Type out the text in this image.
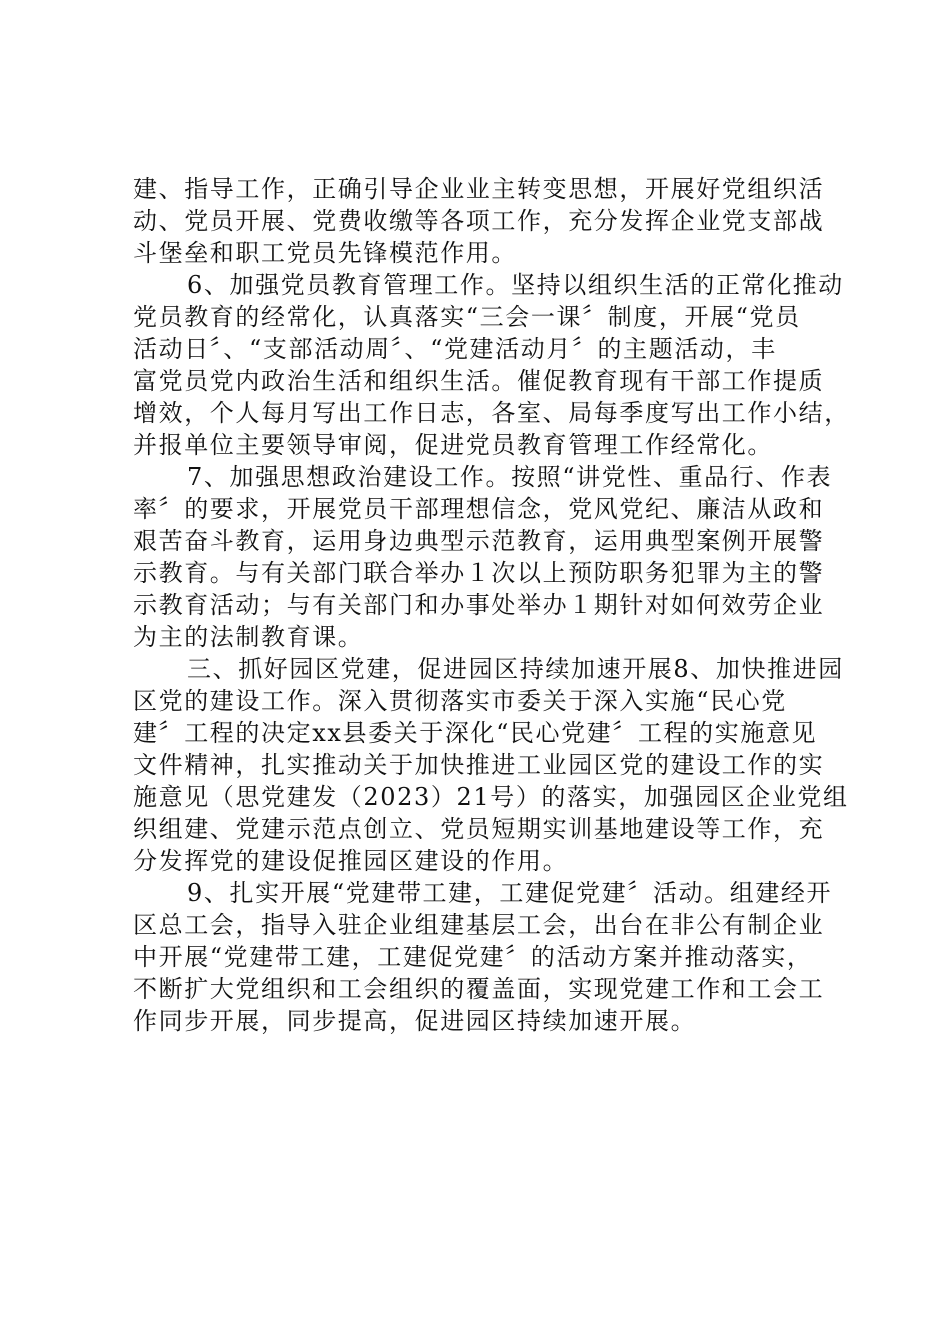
建、指导工作，正确引导企业业主转变思想，开展好党组织活
动、党员开展、党费收缴等各项工作，充分发挥企业党支部战
斗堡垒和职工党员先锋模范作用。

6、加强党员教育管理工作。坚持以组织生活的正常化推动
党员教育的经常化，认真落实“三会一课〞制度，开展“党员
活动日〞、“支部活动周〞、“党建活动月〞的主题活动，丰
富党员党内政治生活和组织生活。催促教育现有干部工作提质
增效，个人每月写出工作日志，各室、局每季度写出工作小结，
并报单位主要领导审阅，促进党员教育管理工作经常化。

7、加强思想政治建设工作。按照“讲党性、重品行、作表
率〞的要求，开展党员干部理想信念，党风党纪、廉洁从政和
艰苦奋斗教育，运用身边典型示范教育，运用典型案例开展警
示教育。与有关部门联合举办１次以上预防职务犯罪为主的警
示教育活动；与有关部门和办事处举办１期针对如何效劳企业
为主的法制教育课。

三、抓好园区党建，促进园区持续加速开展8、加快推进园
区党的建设工作。深入贯彻落实市委关于深入实施“民心党
建〞工程的决定xx县委关于深化“民心党建〞工程的实施意见
文件精神，扎实推动关于加快推进工业园区党的建设工作的实
施意见（思党建发（2023）21号）的落实，加强园区企业党组
织组建、党建示范点创立、党员短期实训基地建设等工作，充
分发挥党的建设促推园区建设的作用。

9、扎实开展“党建带工建，工建促党建〞活动。组建经开
区总工会，指导入驻企业组建基层工会，出台在非公有制企业
中开展“党建带工建，工建促党建〞的活动方案并推动落实，
不断扩大党组织和工会组织的覆盖面，实现党建工作和工会工
作同步开展，同步提高，促进园区持续加速开展。
